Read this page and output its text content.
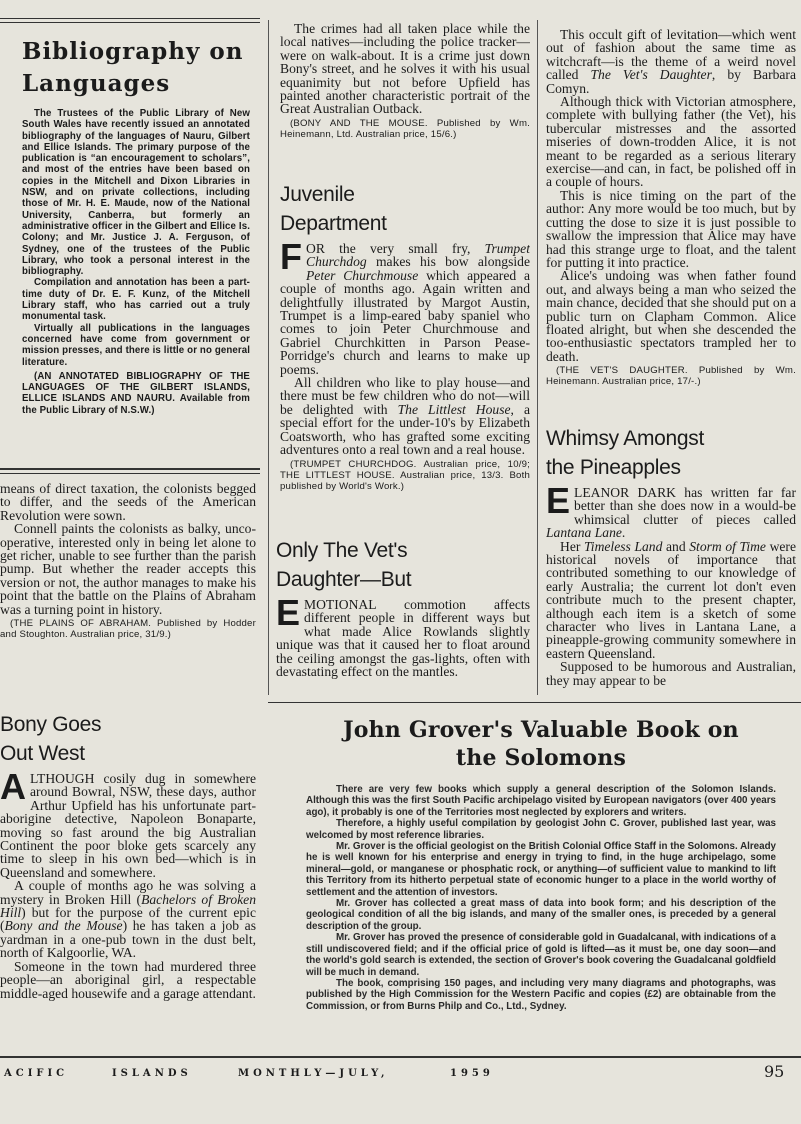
Bibliography on Languages

The Trustees of the Public Library of New South Wales have recently issued an annotated bibliography of the languages of Nauru, Gilbert and Ellice Islands. The primary purpose of the publication is “an encouragement to scholars”, and most of the entries have been based on copies in the Mitchell and Dixon Libraries in NSW, and on private collections, including those of Mr. H. E. Maude, now of the National University, Canberra, but formerly an administrative officer in the Gilbert and Ellice Is. Colony; and Mr. Justice J. A. Ferguson, of Sydney, one of the trustees of the Public Library, who took a personal interest in the bibliography.

Compilation and annotation has been a part-time duty of Dr. E. F. Kunz, of the Mitchell Library staff, who has carried out a truly monumental task.

Virtually all publications in the languages concerned have come from government or mission presses, and there is little or no general literature.

(AN ANNOTATED BIBLIOGRAPHY OF THE LANGUAGES OF THE GILBERT ISLANDS, ELLICE ISLANDS AND NAURU. Available from the Public Library of N.S.W.)

means of direct taxation, the colonists begged to differ, and the seeds of the American Revolution were sown.

Connell paints the colonists as balky, unco-operative, interested only in being let alone to get richer, unable to see further than the parish pump. But whether the reader accepts this version or not, the author manages to make his point that the battle on the Plains of Abraham was a turning point in history.

(THE PLAINS OF ABRAHAM. Published by Hodder and Stoughton. Australian price, 31/9.)

The crimes had all taken place while the local natives—including the police tracker—were on walk-about. It is a crime just down Bony's street, and he solves it with his usual equanimity but not before Upfield has painted another characteristic portrait of the Great Australian Outback.

(BONY AND THE MOUSE. Published by Wm. Heinemann, Ltd. Australian price, 15/6.)

Juvenile
Department

FOR the very small fry, Trumpet Churchdog makes his bow alongside Peter Churchmouse which appeared a couple of months ago. Again written and delightfully illustrated by Margot Austin, Trumpet is a limp-eared baby spaniel who comes to join Peter Churchmouse and Gabriel Churchkitten in Parson Pease-Porridge's church and learns to make up poems.

All children who like to play house—and there must be few children who do not—will be delighted with The Littlest House, a special effort for the under-10's by Elizabeth Coatsworth, who has grafted some exciting adventures onto a real town and a real house.

(TRUMPET CHURCHDOG. Australian price, 10/9; THE LITTLEST HOUSE. Australian price, 13/3. Both published by World's Work.)

Only The Vet's
Daughter—But

EMOTIONAL commotion affects different people in different ways but what made Alice Rowlands slightly unique was that it caused her to float around the ceiling amongst the gas-lights, often with devastating effect on the mantles.

This occult gift of levitation—which went out of fashion about the same time as witchcraft—is the theme of a weird novel called The Vet's Daughter, by Barbara Comyn.

Although thick with Victorian atmosphere, complete with bullying father (the Vet), his tubercular mistresses and the assorted miseries of down-trodden Alice, it is not meant to be regarded as a serious literary exercise—and can, in fact, be polished off in a couple of hours.

This is nice timing on the part of the author: Any more would be too much, but by cutting the dose to size it is just possible to swallow the impression that Alice may have had this strange urge to float, and the talent for putting it into practice.

Alice's undoing was when father found out, and always being a man who seized the main chance, decided that she should put on a public turn on Clapham Common. Alice floated alright, but when she descended the too-enthusiastic spectators trampled her to death.

(THE VET'S DAUGHTER. Published by Wm. Heinemann. Australian price, 17/-.)

Whimsy Amongst
the Pineapples

ELEANOR DARK has written far far better than she does now in a would-be whimsical clutter of pieces called Lantana Lane.

Her Timeless Land and Storm of Time were historical novels of importance that contributed something to our knowledge of early Australia; the current lot don't even contribute much to the present chapter, although each item is a sketch of some character who lives in Lantana Lane, a pineapple-growing community somewhere in eastern Queensland.

Supposed to be humorous and Australian, they may appear to be

Bony Goes
Out West

ALTHOUGH cosily dug in somewhere around Bowral, NSW, these days, author Arthur Upfield has his unfortunate part-aborigine detective, Napoleon Bonaparte, moving so fast around the big Australian Continent the poor bloke gets scarcely any time to sleep in his own bed—which is in Queensland and somewhere.

A couple of months ago he was solving a mystery in Broken Hill (Bachelors of Broken Hill) but for the purpose of the current epic (Bony and the Mouse) he has taken a job as yardman in a one-pub town in the dust belt, north of Kalgoorlie, WA.

Someone in the town had murdered three people—an aboriginal girl, a respectable middle-aged housewife and a garage attendant.

John Grover's Valuable Book on
the Solomons

There are very few books which supply a general description of the Solomon Islands. Although this was the first South Pacific archipelago visited by European navigators (over 400 years ago), it probably is one of the Territories most neglected by explorers and writers.

Therefore, a highly useful compilation by geologist John C. Grover, published last year, was welcomed by most reference libraries.

Mr. Grover is the official geologist on the British Colonial Office Staff in the Solomons. Already he is well known for his enterprise and energy in trying to find, in the huge archipelago, some mineral—gold, or manganese or phosphatic rock, or anything—of sufficient value to mankind to lift this Territory from its hitherto perpetual state of economic hunger to a place in the world worthy of settlement and the attention of investors.

Mr. Grover has collected a great mass of data into book form; and his description of the geological condition of all the big islands, and many of the smaller ones, is preceded by a general description of the group.

Mr. Grover has proved the presence of considerable gold in Guadalcanal, with indications of a still undiscovered field; and if the official price of gold is lifted—as it must be, one day soon—and the world's gold search is extended, the section of Grover's book covering the Guadalcanal goldfield will be much in demand.

The book, comprising 150 pages, and including very many diagrams and photographs, was published by the High Commission for the Western Pacific and copies (£2) are obtainable from the Commission, or from Burns Philp and Co., Ltd., Sydney.

ACIFIC	ISLANDS	MONTHLY—JULY,	1959	95
